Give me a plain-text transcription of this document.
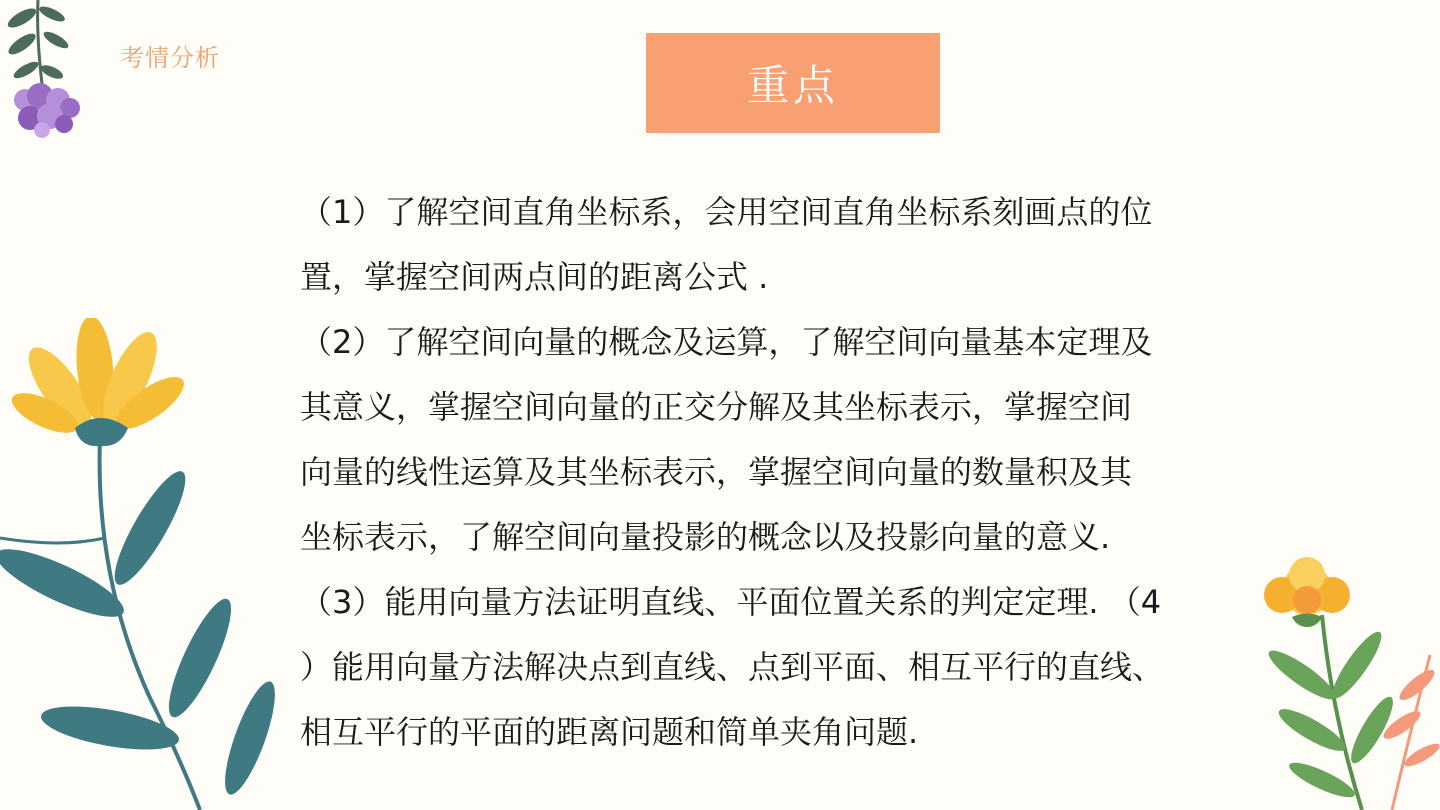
考情分析
重点

（1）了解空间直角坐标系，会用空间直角坐标系刻画点的位

置，掌握空间两点间的距离公式 .

（2）了解空间向量的概念及运算，了解空间向量基本定理及

其意义，掌握空间向量的正交分解及其坐标表示，掌握空间

向量的线性运算及其坐标表示，掌握空间向量的数量积及其

坐标表示，了解空间向量投影的概念以及投影向量的意义.

（3）能用向量方法证明直线、平面位置关系的判定定理. （4

）能用向量方法解决点到直线、点到平面、相互平行的直线、

相互平行的平面的距离问题和简单夹角问题.
